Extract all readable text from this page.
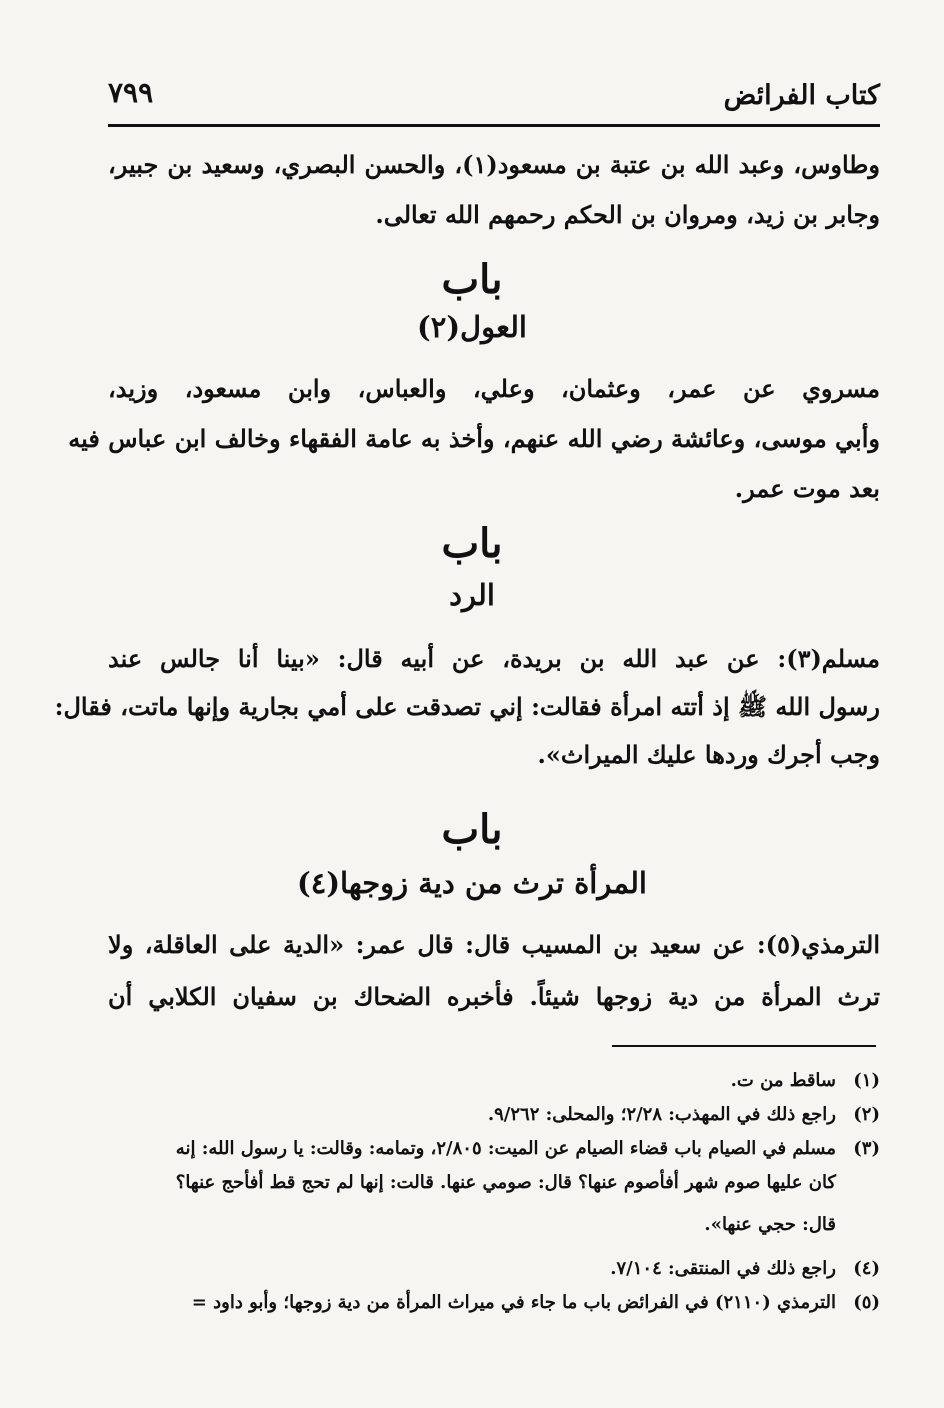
كتاب الفرائض
٧٩٩
وطاوس، وعبد الله بن عتبة بن مسعود(١)، والحسن البصري، وسعيد بن جبير،
وجابر بن زيد، ومروان بن الحكم رحمهم الله تعالى.
باب
العول(٢)
مسروي عن عمر، وعثمان، وعلي، والعباس، وابن مسعود، وزيد،
وأبي موسى، وعائشة رضي الله عنهم، وأخذ به عامة الفقهاء وخالف ابن عباس فيه
بعد موت عمر.
باب
الرد
مسلم(٣): عن عبد الله بن بريدة، عن أبيه قال: «بينا أنا جالس عند
رسول الله ﷺ إذ أتته امرأة فقالت: إني تصدقت على أمي بجارية وإنها ماتت، فقال:
وجب أجرك وردها عليك الميراث».
باب
المرأة ترث من دية زوجها(٤)
الترمذي(٥): عن سعيد بن المسيب قال: قال عمر: «الدية على العاقلة، ولا
ترث المرأة من دية زوجها شيئاً. فأخبره الضحاك بن سفيان الكلابي أن
(١)ساقط من ت.
(٢)راجع ذلك في المهذب: ٢/٢٨؛ والمحلى: ٩/٢٦٢.
(٣)مسلم في الصيام باب قضاء الصيام عن الميت: ٢/٨٠٥، وتمامه: وقالت: يا رسول الله: إنه
كان عليها صوم شهر أفأصوم عنها؟ قال: صومي عنها. قالت: إنها لم تحج قط أفأحج عنها؟
قال: حجي عنها».
(٤)راجع ذلك في المنتقى: ٧/١٠٤.
(٥)الترمذي (٢١١٠) في الفرائض باب ما جاء في ميراث المرأة من دية زوجها؛ وأبو داود =
